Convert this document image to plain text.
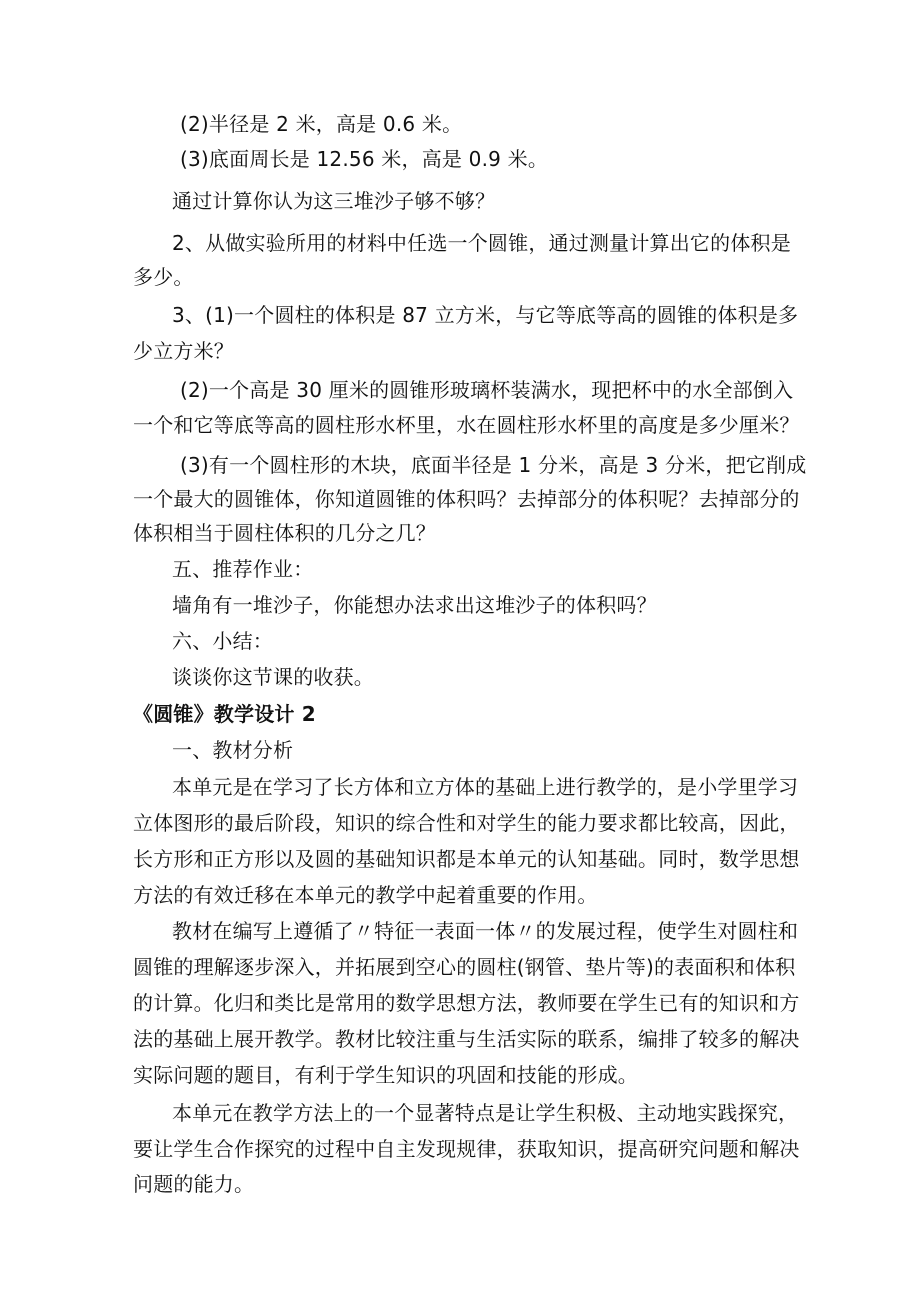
(2)半径是 2 米，高是 0.6 米。
(3)底面周长是 12.56 米，高是 0.9 米。
通过计算你认为这三堆沙子够不够？
2、从做实验所用的材料中任选一个圆锥，通过测量计算出它的体积是
多少。
3、(1)一个圆柱的体积是 87 立方米，与它等底等高的圆锥的体积是多
少立方米？
(2)一个高是 30 厘米的圆锥形玻璃杯装满水，现把杯中的水全部倒入
一个和它等底等高的圆柱形水杯里，水在圆柱形水杯里的高度是多少厘米？
(3)有一个圆柱形的木块，底面半径是 1 分米，高是 3 分米，把它削成
一个最大的圆锥体，你知道圆锥的体积吗？去掉部分的体积呢？去掉部分的
体积相当于圆柱体积的几分之几？
五、推荐作业：
墙角有一堆沙子，你能想办法求出这堆沙子的体积吗？
六、小结：
谈谈你这节课的收获。
《圆锥》教学设计 2
一、教材分析
本单元是在学习了长方体和立方体的基础上进行教学的，是小学里学习
立体图形的最后阶段，知识的综合性和对学生的能力要求都比较高，因此，
长方形和正方形以及圆的基础知识都是本单元的认知基础。同时，数学思想
方法的有效迁移在本单元的教学中起着重要的作用。
教材在编写上遵循了〃特征一表面一体〃的发展过程，使学生对圆柱和
圆锥的理解逐步深入，并拓展到空心的圆柱(钢管、垫片等)的表面积和体积
的计算。化归和类比是常用的数学思想方法，教师要在学生已有的知识和方
法的基础上展开教学。教材比较注重与生活实际的联系，编排了较多的解决
实际问题的题目，有利于学生知识的巩固和技能的形成。
本单元在教学方法上的一个显著特点是让学生积极、主动地实践探究，
要让学生合作探究的过程中自主发现规律，获取知识，提高研究问题和解决
问题的能力。
